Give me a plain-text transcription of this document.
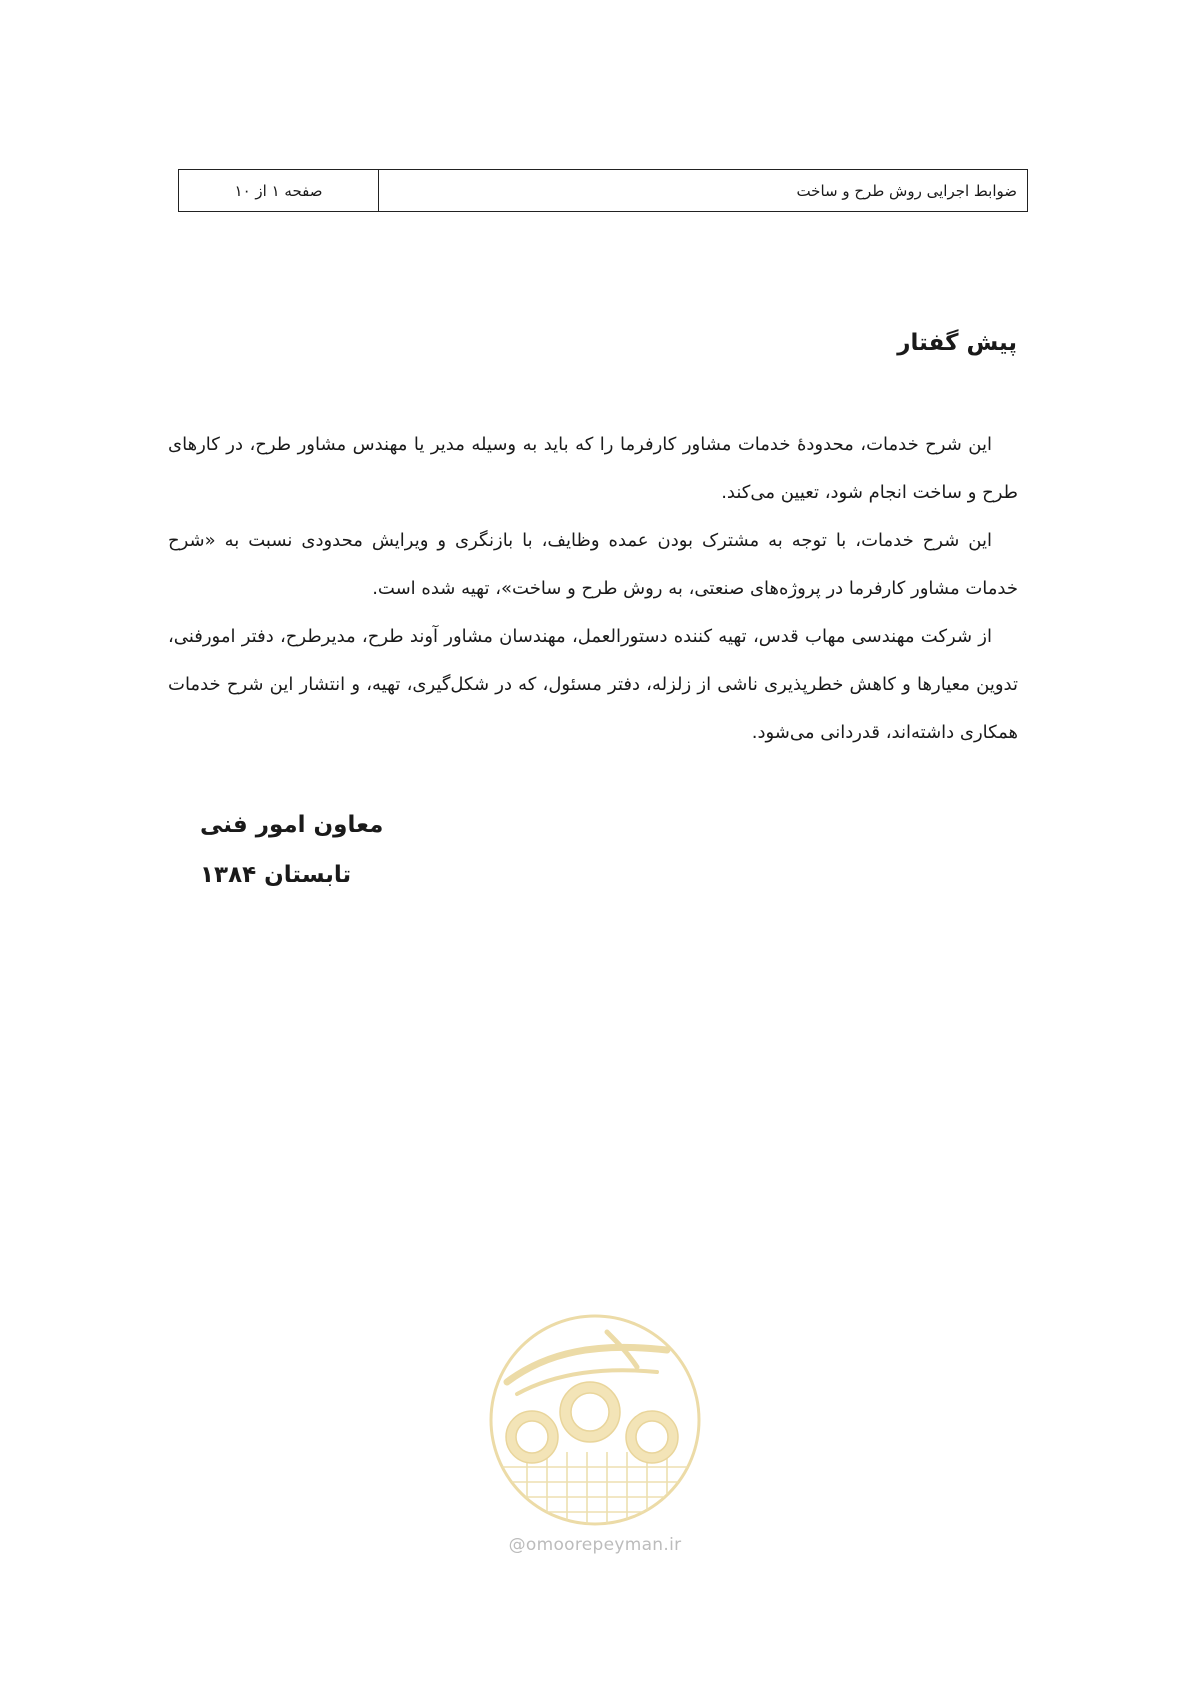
ضوابط اجرایی روش طرح و ساخت
صفحه ۱ از ۱۰
پیش گفتار

این شرح خدمات، محدودهٔ خدمات مشاور کارفرما را که باید به وسیله مدیر یا مهندس مشاور طرح، در کارهای طرح و ساخت انجام شود، تعیین می‌کند.

این شرح خدمات، با توجه به مشترک بودن عمده وظایف، با بازنگری و ویرایش محدودی نسبت به «شرح خدمات مشاور کارفرما در پروژه‌های صنعتی، به روش طرح و ساخت»، تهیه شده است.

از شرکت مهندسی مهاب قدس، تهیه کننده دستورالعمل، مهندسان مشاور آوند طرح، مدیرطرح، دفتر امورفنی، تدوین معیارها و کاهش خطرپذیری ناشی از زلزله، دفتر مسئول، که در شکل‌گیری، تهیه، و انتشار این شرح خدمات همکاری داشته‌اند، قدردانی می‌شود.

معاون امور فنی
تابستان ۱۳۸۴
@omoorepeyman.ir
